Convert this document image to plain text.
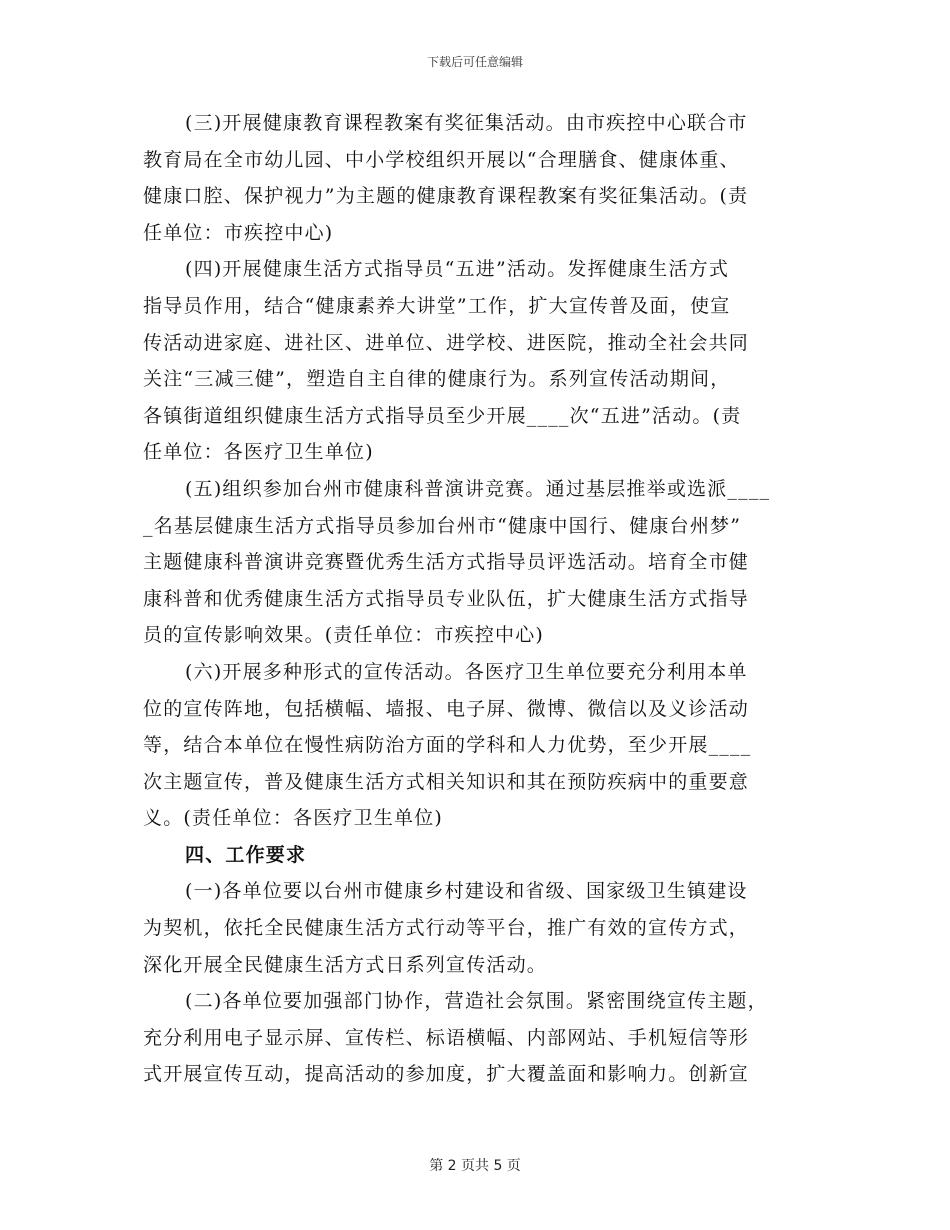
下载后可任意编辑
(三)开展健康教育课程教案有奖征集活动。由市疾控中心联合市
教育局在全市幼儿园、中小学校组织开展以“合理膳食、健康体重、
健康口腔、保护视力”为主题的健康教育课程教案有奖征集活动。(责
任单位：市疾控中心)
(四)开展健康生活方式指导员“五进”活动。发挥健康生活方式
指导员作用，结合“健康素养大讲堂”工作，扩大宣传普及面，使宣
传活动进家庭、进社区、进单位、进学校、进医院，推动全社会共同
关注“三减三健”，塑造自主自律的健康行为。系列宣传活动期间，
各镇街道组织健康生活方式指导员至少开展____次“五进”活动。(责
任单位：各医疗卫生单位)
(五)组织参加台州市健康科普演讲竞赛。通过基层推举或选派____
_名基层健康生活方式指导员参加台州市“健康中国行、健康台州梦”
主题健康科普演讲竞赛暨优秀生活方式指导员评选活动。培育全市健
康科普和优秀健康生活方式指导员专业队伍，扩大健康生活方式指导
员的宣传影响效果。(责任单位：市疾控中心)
(六)开展多种形式的宣传活动。各医疗卫生单位要充分利用本单
位的宣传阵地，包括横幅、墙报、电子屏、微博、微信以及义诊活动
等，结合本单位在慢性病防治方面的学科和人力优势，至少开展____
次主题宣传，普及健康生活方式相关知识和其在预防疾病中的重要意
义。(责任单位：各医疗卫生单位)
四、工作要求
(一)各单位要以台州市健康乡村建设和省级、国家级卫生镇建设
为契机，依托全民健康生活方式行动等平台，推广有效的宣传方式，
深化开展全民健康生活方式日系列宣传活动。
(二)各单位要加强部门协作，营造社会氛围。紧密围绕宣传主题，
充分利用电子显示屏、宣传栏、标语横幅、内部网站、手机短信等形
式开展宣传互动，提高活动的参加度，扩大覆盖面和影响力。创新宣
第 2 页共 5 页
